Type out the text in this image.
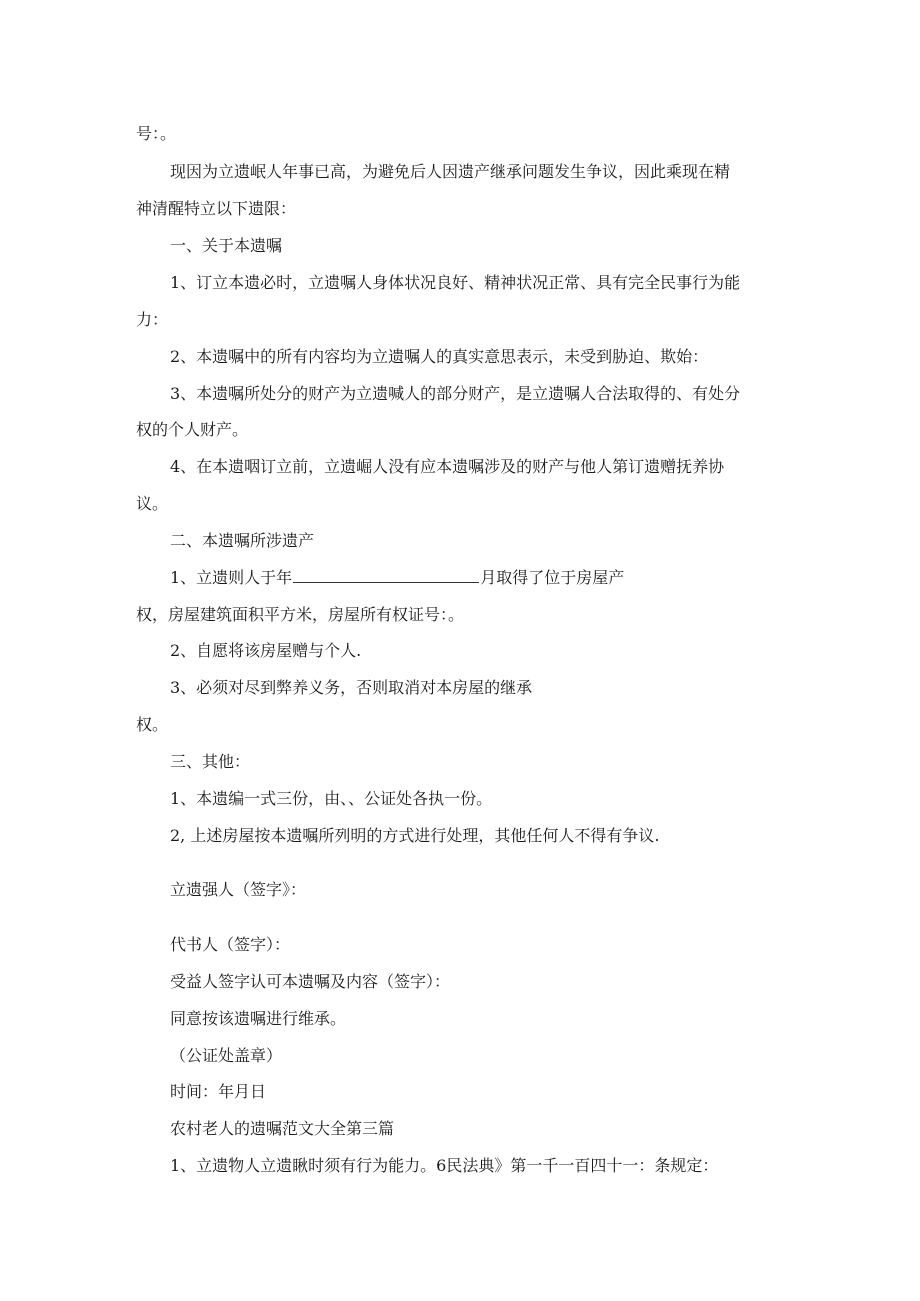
号：。
现因为立遗岷人年事已高，为避免后人因遗产继承问题发生争议，因此乘现在精
神清醒特立以下遗限：
一、关于本遗嘱
1、订立本遗必时，立遗嘱人身体状况良好、精神状况正常、具有完全民事行为能
力：
2、本遗嘱中的所有内容均为立遗嘱人的真实意思表示，未受到胁迫、欺始：
3、本遗嘱所处分的财产为立遗喊人的部分财产，是立遗嘱人合法取得的、有处分
权的个人财产。
4、在本遗咽订立前，立遗崛人没有应本遗嘱涉及的财产与他人第订遗赠抚养协
议。
二、本遗嘱所涉遗产
1、立遗则人于年	月取得了位于房屋产
权，房屋建筑面积平方米，房屋所有权证号：。
2、自愿将该房屋赠与个人.
3、必须对尽到弊养义务，否则取消对本房屋的继承
权。
三、其他：
1、本遗编一式三份，由、、公证处各执一份。
2, 上述房屋按本遗嘱所列明的方式进行处理，其他任何人不得有争议.
立遗强人（签字》：
代书人（签字）：
受益人签字认可本遗嘱及内容（签字）：
同意按该遗嘱进行维承。
（公证处盖章）
时间：年月日
农村老人的遗嘱范文大全第三篇
1、立遗物人立遗瞅时须有行为能力。6民法典》第一千一百四十一：条规定：
